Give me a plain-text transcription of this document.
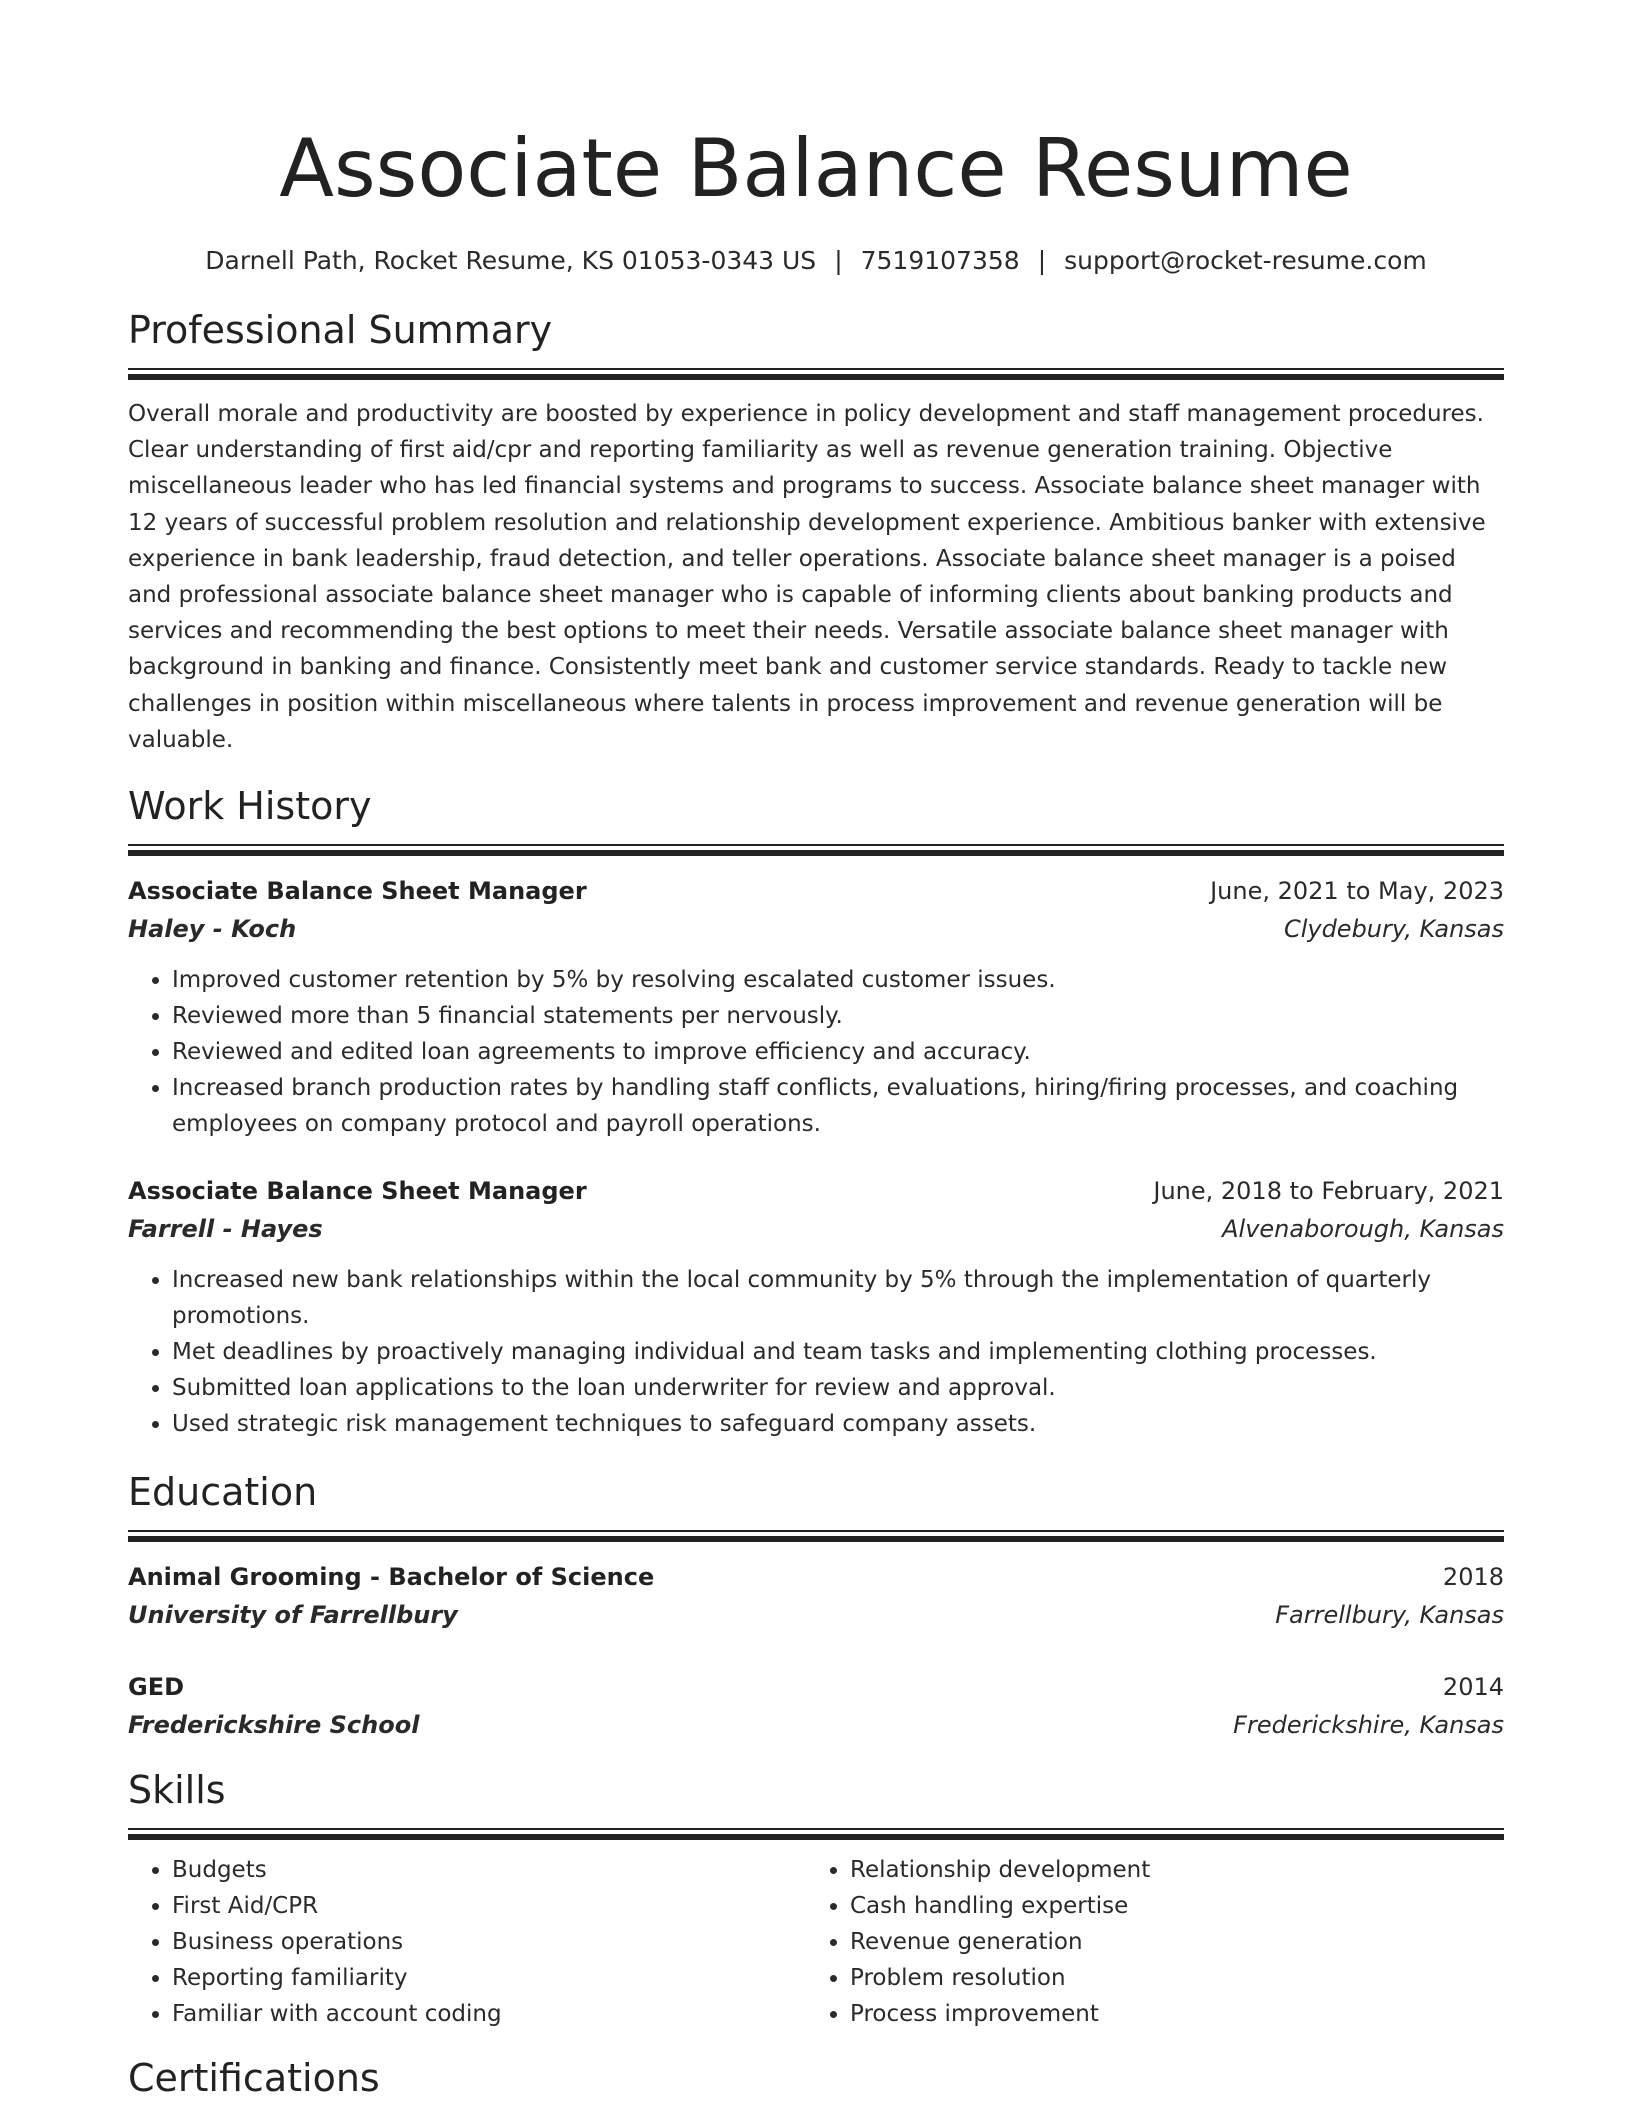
Associate Balance Resume
Darnell Path, Rocket Resume, KS 01053-0343 US | 7519107358 | support@rocket-resume.com
Professional Summary
Overall morale and productivity are boosted by experience in policy development and staff management procedures. Clear understanding of first aid/cpr and reporting familiarity as well as revenue generation training. Objective miscellaneous leader who has led financial systems and programs to success. Associate balance sheet manager with 12 years of successful problem resolution and relationship development experience. Ambitious banker with extensive experience in bank leadership, fraud detection, and teller operations. Associate balance sheet manager is a poised and professional associate balance sheet manager who is capable of informing clients about banking products and services and recommending the best options to meet their needs. Versatile associate balance sheet manager with background in banking and finance. Consistently meet bank and customer service standards. Ready to tackle new challenges in position within miscellaneous where talents in process improvement and revenue generation will be valuable.
Work History
Associate Balance Sheet Manager	June, 2021 to May, 2023
Haley - Koch	Clydebury, Kansas
• Improved customer retention by 5% by resolving escalated customer issues.
• Reviewed more than 5 financial statements per nervously.
• Reviewed and edited loan agreements to improve efficiency and accuracy.
• Increased branch production rates by handling staff conflicts, evaluations, hiring/firing processes, and coaching employees on company protocol and payroll operations.
Associate Balance Sheet Manager	June, 2018 to February, 2021
Farrell - Hayes	Alvenaborough, Kansas
• Increased new bank relationships within the local community by 5% through the implementation of quarterly promotions.
• Met deadlines by proactively managing individual and team tasks and implementing clothing processes.
• Submitted loan applications to the loan underwriter for review and approval.
• Used strategic risk management techniques to safeguard company assets.
Education
Animal Grooming - Bachelor of Science	2018
University of Farrellbury	Farrellbury, Kansas
GED	2014
Frederickshire School	Frederickshire, Kansas
Skills
• Budgets
• First Aid/CPR
• Business operations
• Reporting familiarity
• Familiar with account coding
• Relationship development
• Cash handling expertise
• Revenue generation
• Problem resolution
• Process improvement
Certifications
